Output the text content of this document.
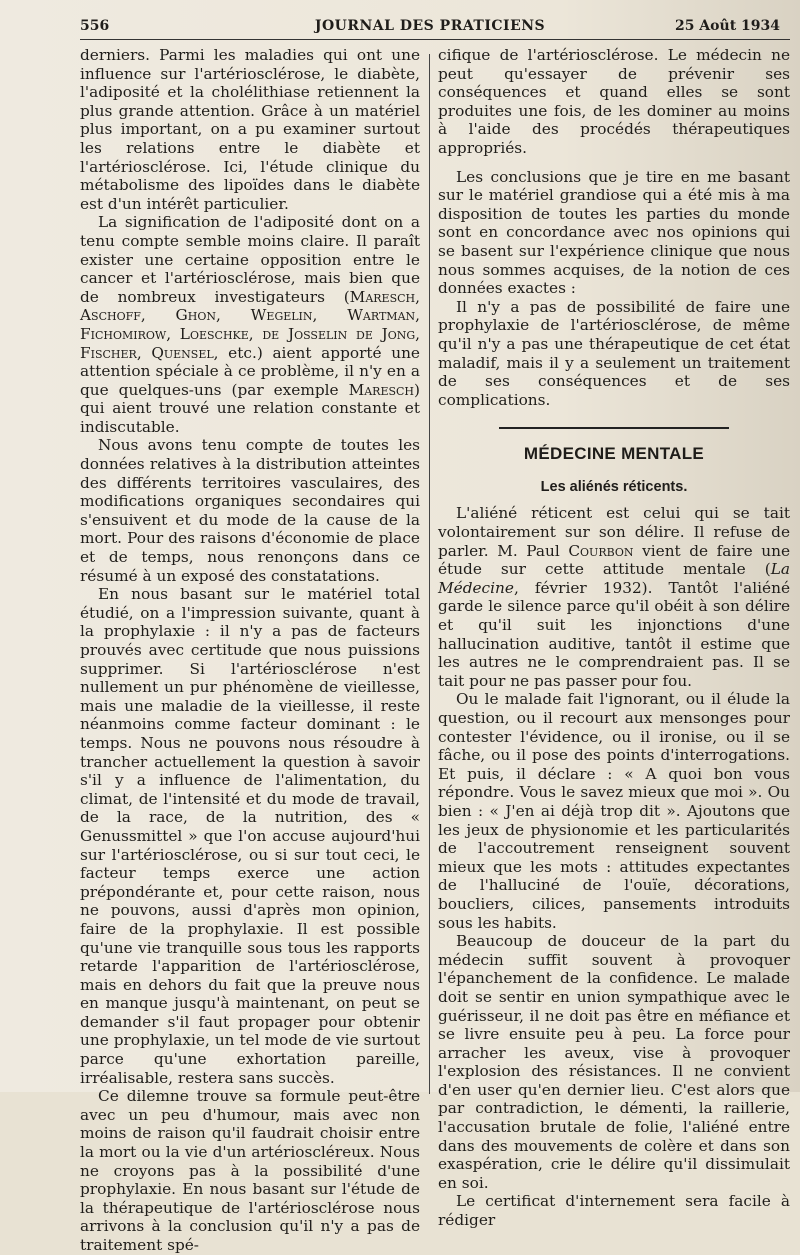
556	JOURNAL DES PRATICIENS	25 Août 1934

derniers. Parmi les maladies qui ont une influence sur l'artériosclérose, le diabète, l'adiposité et la cholélithiase retiennent la plus grande attention. Grâce à un matériel plus important, on a pu examiner surtout les relations entre le diabète et l'artériosclérose. Ici, l'étude clinique du métabolisme des lipoïdes dans le diabète est d'un intérêt particulier.

La signification de l'adiposité dont on a tenu compte semble moins claire. Il paraît exister une certaine opposition entre le cancer et l'artériosclérose, mais bien que de nombreux investigateurs (Maresch, Aschoff, Ghon, Wegelin, Wartman, Fichomirow, Loeschke, de Josselin de Jong, Fischer, Quensel, etc.) aient apporté une attention spéciale à ce problème, il n'y en a que quelques-uns (par exemple Maresch) qui aient trouvé une relation constante et indiscutable.

Nous avons tenu compte de toutes les données relatives à la distribution atteintes des différents territoires vasculaires, des modifications organiques secondaires qui s'ensuivent et du mode de la cause de la mort. Pour des raisons d'économie de place et de temps, nous renonçons dans ce résumé à un exposé des constatations.

En nous basant sur le matériel total étudié, on a l'impression suivante, quant à la prophylaxie : il n'y a pas de facteurs prouvés avec certitude que nous puissions supprimer. Si l'artériosclérose n'est nullement un pur phénomène de vieillesse, mais une maladie de la vieillesse, il reste néanmoins comme facteur dominant : le temps. Nous ne pouvons nous résoudre à trancher actuellement la question à savoir s'il y a influence de l'alimentation, du climat, de l'intensité et du mode de travail, de la race, de la nutrition, des « Genussmittel » que l'on accuse aujourd'hui sur l'artériosclérose, ou si sur tout ceci, le facteur temps exerce une action prépondérante et, pour cette raison, nous ne pouvons, aussi d'après mon opinion, faire de la prophylaxie. Il est possible qu'une vie tranquille sous tous les rapports retarde l'apparition de l'artériosclérose, mais en dehors du fait que la preuve nous en manque jusqu'à maintenant, on peut se demander s'il faut propager pour obtenir une prophylaxie, un tel mode de vie surtout parce qu'une exhortation pareille, irréalisable, restera sans succès.

Ce dilemne trouve sa formule peut-être avec un peu d'humour, mais avec non moins de raison qu'il faudrait choisir entre la mort ou la vie d'un artérioscléreux. Nous ne croyons pas à la possibilité d'une prophylaxie. En nous basant sur l'étude de la thérapeutique de l'artériosclérose nous arrivons à la conclusion qu'il n'y a pas de traitement spé-

cifique de l'artériosclérose. Le médecin ne peut qu'essayer de prévenir ses conséquences et quand elles se sont produites une fois, de les dominer au moins à l'aide des procédés thérapeutiques appropriés.

Les conclusions que je tire en me basant sur le matériel grandiose qui a été mis à ma disposition de toutes les parties du monde sont en concordance avec nos opinions qui se basent sur l'expérience clinique que nous nous sommes acquises, de la notion de ces données exactes :

Il n'y a pas de possibilité de faire une prophylaxie de l'artériosclérose, de même qu'il n'y a pas une thérapeutique de cet état maladif, mais il y a seulement un traitement de ses conséquences et de ses complications.

MÉDECINE MENTALE
Les aliénés réticents.

L'aliéné réticent est celui qui se tait volontairement sur son délire. Il refuse de parler. M. Paul Courbon vient de faire une étude sur cette attitude mentale (La Médecine, février 1932). Tantôt l'aliéné garde le silence parce qu'il obéit à son délire et qu'il suit les injonctions d'une hallucination auditive, tantôt il estime que les autres ne le comprendraient pas. Il se tait pour ne pas passer pour fou.

Ou le malade fait l'ignorant, ou il élude la question, ou il recourt aux mensonges pour contester l'évidence, ou il ironise, ou il se fâche, ou il pose des points d'interrogations. Et puis, il déclare : « A quoi bon vous répondre. Vous le savez mieux que moi ». Ou bien : « J'en ai déjà trop dit ». Ajoutons que les jeux de physionomie et les particularités de l'accoutrement renseignent souvent mieux que les mots : attitudes expectantes de l'halluciné de l'ouïe, décorations, boucliers, cilices, pansements introduits sous les habits.

Beaucoup de douceur de la part du médecin suffit souvent à provoquer l'épanchement de la confidence. Le malade doit se sentir en union sympathique avec le guérisseur, il ne doit pas être en méfiance et se livre ensuite peu à peu. La force pour arracher les aveux, vise à provoquer l'explosion des résistances. Il ne convient d'en user qu'en dernier lieu. C'est alors que par contradiction, le démenti, la raillerie, l'accusation brutale de folie, l'aliéné entre dans des mouvements de colère et dans son exaspération, crie le délire qu'il dissimulait en soi.

Le certificat d'internement sera facile à rédiger
